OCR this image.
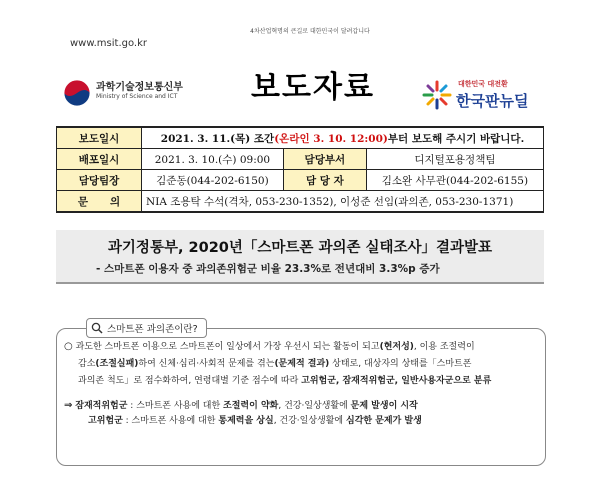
www.msit.go.kr
4차산업혁명의 큰길로 대한민국이 달려갑니다
과학기술정보통신부
Ministry of Science and ICT	보도자료	대한민국 대전환
한국판뉴딜
보도일시	2021. 3. 11.(목) 조간(온라인 3. 10. 12:00)부터 보도해 주시기 바랍니다.		
배포일시	2021. 3. 10.(수) 09:00	담당부서	디지털포용정책팀
담당팀장	김준동(044-202-6150)	담 당 자	김소완 사무관(044-202-6155)
문      의	NIA 조용탁 수석(격차, 053-230-1352), 이성준 선임(과의존, 053-230-1371)		
과기정통부, 2020년「스마트폰 과의존 실태조사」결과발표
- 스마트폰 이용자 중 과의존위험군 비율 23.3%로 전년대비 3.3%p 증가
스마트폰 과의존이란?
○ 과도한 스마트폰 이용으로 스마트폰이 일상에서 가장 우선시 되는 활동이 되고(현저성), 이용 조절력이
감소(조절실패)하여 신체·심리·사회적 문제를 겪는(문제적 결과) 상태로, 대상자의 상태를「스마트폰
과의존 척도」로 점수화하여, 연령대별 기준 점수에 따라 고위험군, 잠재적위험군, 일반사용자군으로 분류
⇒ 잠재적위험군 : 스마트폰 사용에 대한 조절력이 약화, 건강·일상생활에 문제 발생이 시작
고위험군 : 스마트폰 사용에 대한 통제력을 상실, 건강·일상생활에 심각한 문제가 발생
